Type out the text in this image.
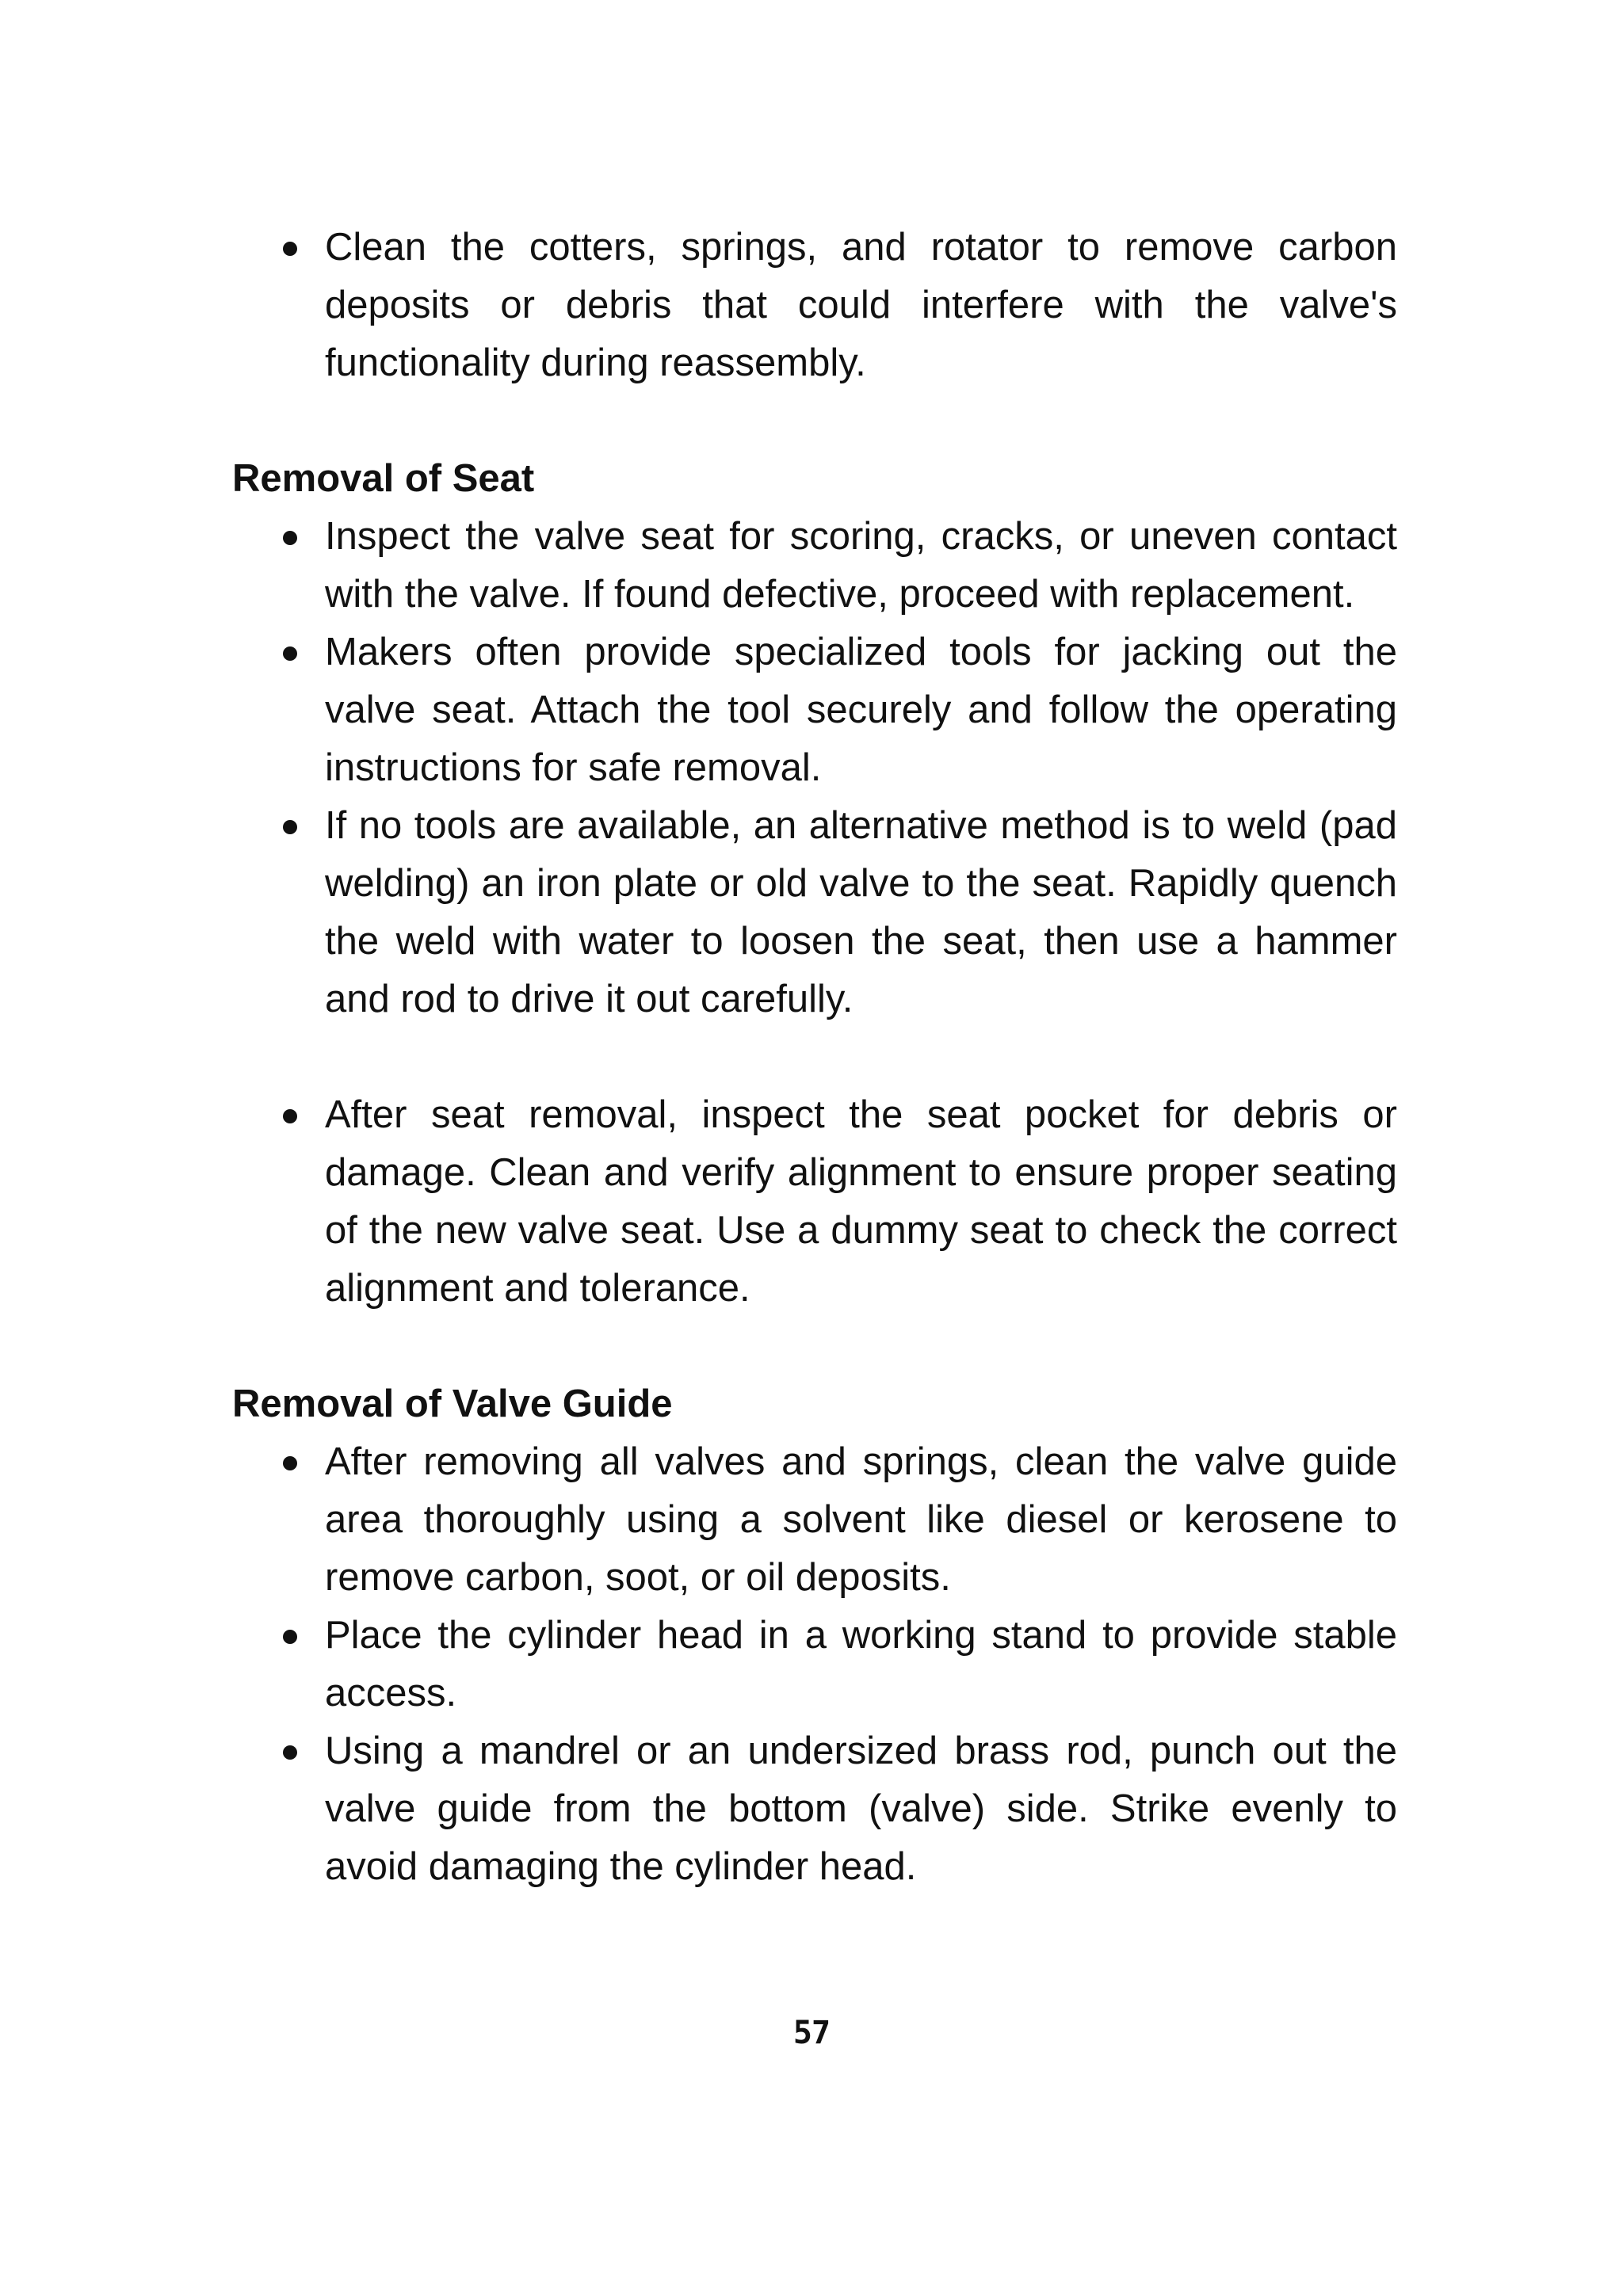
Clean the cotters, springs, and rotator to remove carbon deposits or debris that could interfere with the valve's functionality during reassembly.
Removal of Seat
Inspect the valve seat for scoring, cracks, or uneven contact with the valve. If found defective, proceed with replacement.
Makers often provide specialized tools for jacking out the valve seat. Attach the tool securely and follow the operating instructions for safe removal.
If no tools are available, an alternative method is to weld (pad welding) an iron plate or old valve to the seat. Rapidly quench the weld with water to loosen the seat, then use a hammer and rod to drive it out carefully.
After seat removal, inspect the seat pocket for debris or damage. Clean and verify alignment to ensure proper seating of the new valve seat. Use a dummy seat to check the correct alignment and tolerance.
Removal of Valve Guide
After removing all valves and springs, clean the valve guide area thoroughly using a solvent like diesel or kerosene to remove carbon, soot, or oil deposits.
Place the cylinder head in a working stand to provide stable access.
Using a mandrel or an undersized brass rod, punch out the valve guide from the bottom (valve) side. Strike evenly to avoid damaging the cylinder head.
57
